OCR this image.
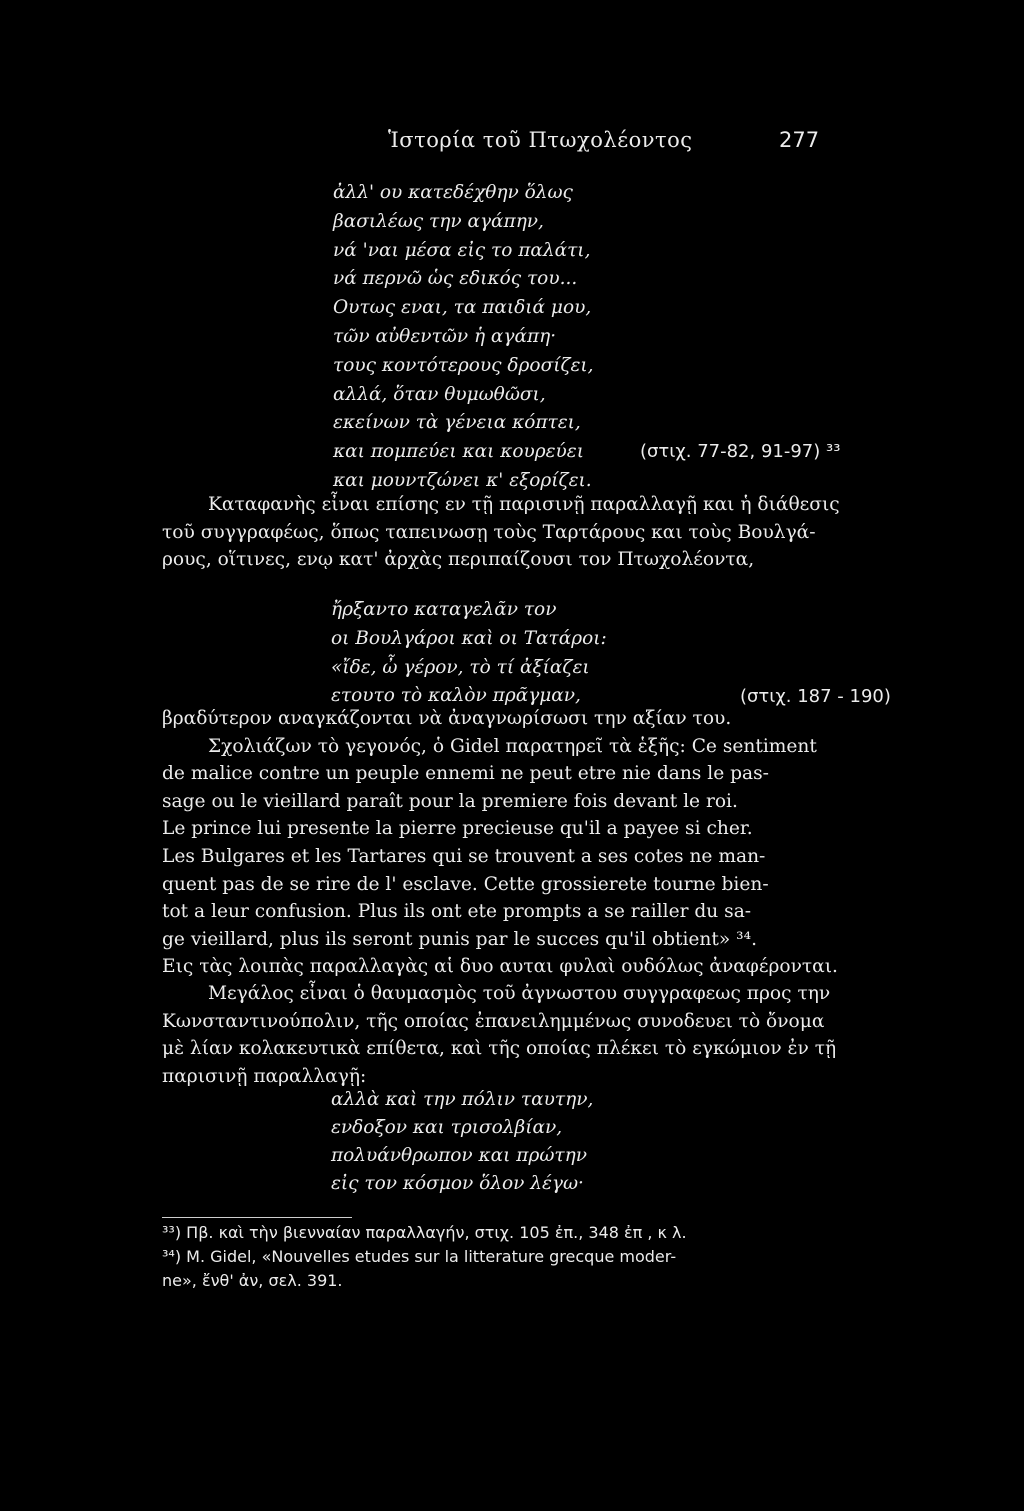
Ἱστορία τοῦ Πτωχολέοντος	277
ἀλλ' ου κατεδέχθην ὅλως
βασιλέως την αγάπην,
νά 'ναι μέσα εἰς το παλάτι,
νά περνῶ ὡς εδικός του...
Ουτως εναι, τα παιδιά μου,
τῶν αὐθεντῶν ἡ αγάπη·
τους κοντότερους δροσίζει,
αλλά, ὅταν θυμωθῶσι,
εκείνων τὰ γένεια κόπτει,
και πομπεύει και κουρεύει
και μουντζώνει κ' εξορίζει.
(στιχ. 77-82, 91-97) ³³
Καταφανὴς εἶναι επίσης εν τῇ παρισινῇ παραλλαγῇ και ἡ διάθεσις
τοῦ συγγραφέως, ὅπως ταπεινωσῃ τοὺς Ταρτάρους και τοὺς Βουλγά-
ρους, οἵτινες, ενῳ κατ' ἀρχὰς περιπαίζουσι τον Πτωχολέοντα,
ἤρξαντο καταγελᾶν τον
οι Βουλγάροι καὶ οι Τατάροι:
«ἴδε, ὦ γέρον, τὸ τί ἀξίαζει
ετουτο τὸ καλὸν πρᾶγμαν,	(στιχ. 187 - 190)
βραδύτερον αναγκάζονται νὰ ἀναγνωρίσωσι την αξίαν του.
Σχολιάζων τὸ γεγονός, ὁ Gidel παρατηρεῖ τὰ ἑξῆς: Ce sentiment
de malice contre un peuple ennemi ne peut etre nie dans le pas-
sage ou le vieillard paraît pour la premiere fois devant le roi.
Le prince lui presente la pierre precieuse qu'il a payee si cher.
Les Bulgares et les Tartares qui se trouvent a ses cotes ne man-
quent pas de se rire de l' esclave. Cette grossierete tourne bien-
tot a leur confusion. Plus ils ont ete prompts a se railler du sa-
ge vieillard, plus ils seront punis par le succes qu'il obtient» ³⁴.
Εις τὰς λοιπὰς παραλλαγὰς αἱ δυο αυται φυλαὶ ουδόλως ἀναφέρονται.
Μεγάλος εἶναι ὁ θαυμασμὸς τοῦ ἀγνωστου συγγραφεως προς την
Κωνσταντινούπολιν, τῆς οποίας ἐπανειλημμένως συνοδευει τὸ ὄνομα
μὲ λίαν κολακευτικὰ επίθετα, καὶ τῆς οποίας πλέκει τὸ εγκώμιον ἐν τῇ
παρισινῇ παραλλαγῇ:
αλλὰ καὶ την πόλιν ταυτην,
ενδοξον και τρισολβίαν,
πολυάνθρωπον και πρώτην
εἰς τον κόσμον ὅλον λέγω·
³³) Πβ. καὶ τὴν βιενναίαν παραλλαγήν, στιχ. 105 ἐπ., 348 ἐπ , κ λ.
³⁴) M. Gidel, «Nouvelles etudes sur la litterature grecque moder-
ne», ἔνθ' ἀν, σελ. 391.
